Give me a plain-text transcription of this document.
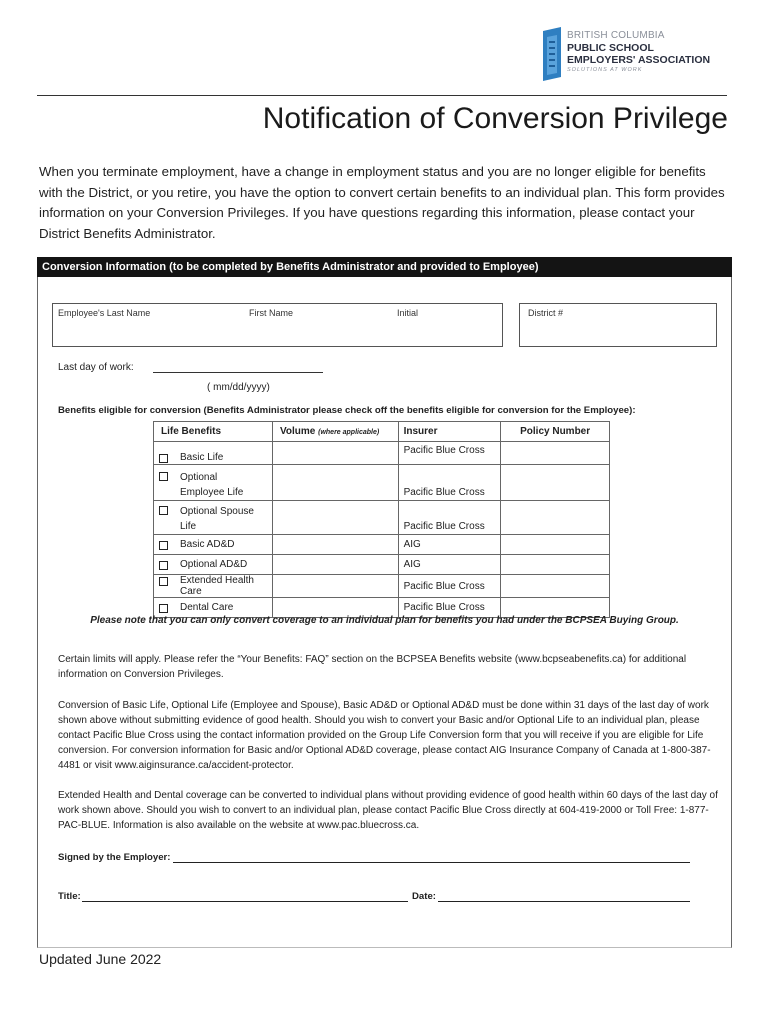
BRITISH COLUMBIA
PUBLIC SCHOOL
EMPLOYERS' ASSOCIATION
SOLUTIONS AT WORK
Notification of Conversion Privilege
When you terminate employment, have a change in employment status and you are no longer eligible for benefits with the District, or you retire, you have the option to convert certain benefits to an individual plan. This form provides information on your Conversion Privileges. If you have questions regarding this information, please contact your District Benefits Administrator.
Conversion Information (to be completed by Benefits Administrator and provided to Employee)
Employee's Last Name	First Name	Initial	District #
Last day of work:
( mm/dd/yyyy)
Benefits eligible for conversion (Benefits Administrator please check off the benefits eligible for conversion for the Employee):
Life Benefits	Volume (where applicable)	Insurer	Policy Number

Basic Life		Pacific Blue Cross	

Optional Employee Life		Pacific Blue Cross	

Optional Spouse Life		Pacific Blue Cross	

Basic AD&D		AIG	

Optional AD&D		AIG	

Extended Health Care		Pacific Blue Cross	

Dental Care		Pacific Blue Cross	
Please note that you can only convert coverage to an individual plan for benefits you had under the BCPSEA Buying Group.
Certain limits will apply. Please refer the “Your Benefits: FAQ” section on the BCPSEA Benefits website (www.bcpseabenefits.ca) for additional information on Conversion Privileges.
Conversion of Basic Life, Optional Life (Employee and Spouse), Basic AD&D or Optional AD&D must be done within 31 days of the last day of work shown above without submitting evidence of good health. Should you wish to convert your Basic and/or Optional Life to an individual plan, please contact Pacific Blue Cross using the contact information provided on the Group Life Conversion form that you will receive if you are eligible for Life conversion. For conversion information for Basic and/or Optional AD&D coverage, please contact AIG Insurance Company of Canada at 1-800-387-4481 or visit www.aiginsurance.ca/accident-protector.
Extended Health and Dental coverage can be converted to individual plans without providing evidence of good health within 60 days of the last day of work shown above. Should you wish to convert to an individual plan, please contact Pacific Blue Cross directly at 604-419-2000 or Toll Free: 1-877-PAC-BLUE. Information is also available on the website at www.pac.bluecross.ca.
Signed by the Employer:
Title:	Date:
Updated June 2022
